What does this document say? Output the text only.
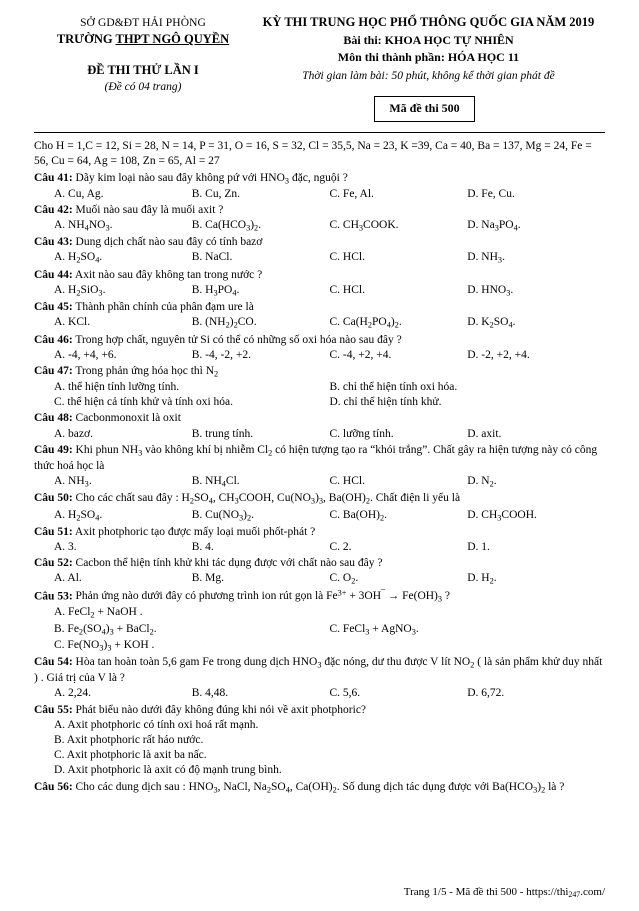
SỞ GD&ĐT HẢI PHÒNG
TRƯỜNG THPT NGÔ QUYỀN
ĐỀ THI THỬ LẦN I
(Đề có 04 trang)
KỲ THI TRUNG HỌC PHỔ THÔNG QUỐC GIA NĂM 2019
Bài thi: KHOA HỌC TỰ NHIÊN
Môn thi thành phần: HÓA HỌC 11
Thời gian làm bài: 50 phút, không kể thời gian phát đề
Mã đề thi 500
Cho H = 1,C = 12, Si = 28, N = 14, P = 31, O = 16, S = 32, Cl = 35,5, Na = 23, K =39, Ca = 40, Ba = 137, Mg = 24, Fe = 56, Cu = 64, Ag = 108, Zn = 65, Al = 27
Câu 41: Dãy kim loại nào sau đây không pứ với $HNO_3$ đặc, nguội ?
A. Cu, Ag.	B. Cu, Zn.	C. Fe, Al.	D. Fe, Cu.
Câu 42: Muối nào sau đây là muối axit ?
A. $NH_4NO_3$.	B. $Ca(HCO_3)_2$.	C. $CH_3COOK$.	D. $Na_3PO_4$.
Câu 43: Dung dịch chất nào sau đây có tính bazơ
A. $H_2SO_4$.	B. NaCl.	C. HCl.	D. $NH_3$.
Câu 44: Axit nào sau đây không tan trong nước ?
A. $H_2SiO_3$.	B. $H_3PO_4$.	C. HCl.	D. $HNO_3$.
Câu 45: Thành phần chính của phân đạm ure là
A. KCl.	B. $(NH_2)_2CO$.	C. $Ca(H_2PO_4)_2$.	D. $K_2SO_4$.
Câu 46: Trong hợp chất, nguyên tử Si có thể có những số oxi hóa nào sau đây ?
A. -4, +4, +6.	B. -4, -2, +2.	C. -4, +2, +4.	D. -2, +2, +4.
Câu 47: Trong phản ứng hóa học thì $N_2$
A. thể hiện tính lưỡng tính.	B. chỉ thể hiện tính oxi hóa.
C. thể hiện cả tính khử và tính oxi hóa.	D. chỉ thể hiện tính khử.
Câu 48: Cacbonmonoxit là oxit
A. bazơ.	B. trung tính.	C. lưỡng tính.	D. axit.
Câu 49: Khi phun $NH_3$ vào không khí bị nhiễm $Cl_2$ có hiện tượng tạo ra “khói trắng”. Chất gây ra hiện tượng này có công thức hoá học là
A. $NH_3$.	B. $NH_4Cl$.	C. HCl.	D. $N_2$.
Câu 50: Cho các chất sau đây : $H_2SO_4$, $CH_3COOH$, $Cu(NO_3)_3$, $Ba(OH)_2$. Chất điện li yếu là
A. $H_2SO_4$.	B. $Cu(NO_3)_2$.	C. $Ba(OH)_2$.	D. $CH_3COOH$.
Câu 51: Axit photphoric tạo được mấy loại muối phốt-phát ?
A. 3.	B. 4.	C. 2.	D. 1.
Câu 52: Cacbon thể hiện tính khử khi tác dụng được với chất nào sau đây ?
A. Al.	B. Mg.	C. $O_2$.	D. $H_2$.
Câu 53: Phản ứng nào dưới đây có phương trình ion rút gọn là $Fe^{3+}$ + 3OH‾ → $Fe(OH)_3$ ?
A. FeCl$_2$ + NaOH .
B. $Fe_2(SO_4)_3$ + BaCl$_2$.	C. FeCl$_3$ + AgNO$_3$.
C. $Fe(NO_3)_3$ + KOH .
Câu 54: Hòa tan hoàn toàn 5,6 gam Fe trong dung dịch $HNO_3$ đặc nóng, dư thu được V lít $NO_2$ ( là sản phẩm khử duy nhất ) . Giá trị của V là ?
A. 2,24.	B. 4,48.	C. 5,6.	D. 6,72.
Câu 55: Phát biểu nào dưới đây không đúng khi nói về axit photphoric?
A. Axit photphoric có tính oxi hoá rất mạnh.
B. Axit photphoric rất háo nước.
C. Axit photphoric là axit ba nấc.
D. Axit photphoric là axit có độ mạnh trung bình.
Câu 56: Cho các dung dịch sau : $HNO_3$, NaCl, $Na_2SO_4$, $Ca(OH)_2$. Số dung dịch tác dụng được với $Ba(HCO_3)_2$ là ?
Trang 1/5 - Mã đề thi 500 - https://thi$_{247}$.com/
